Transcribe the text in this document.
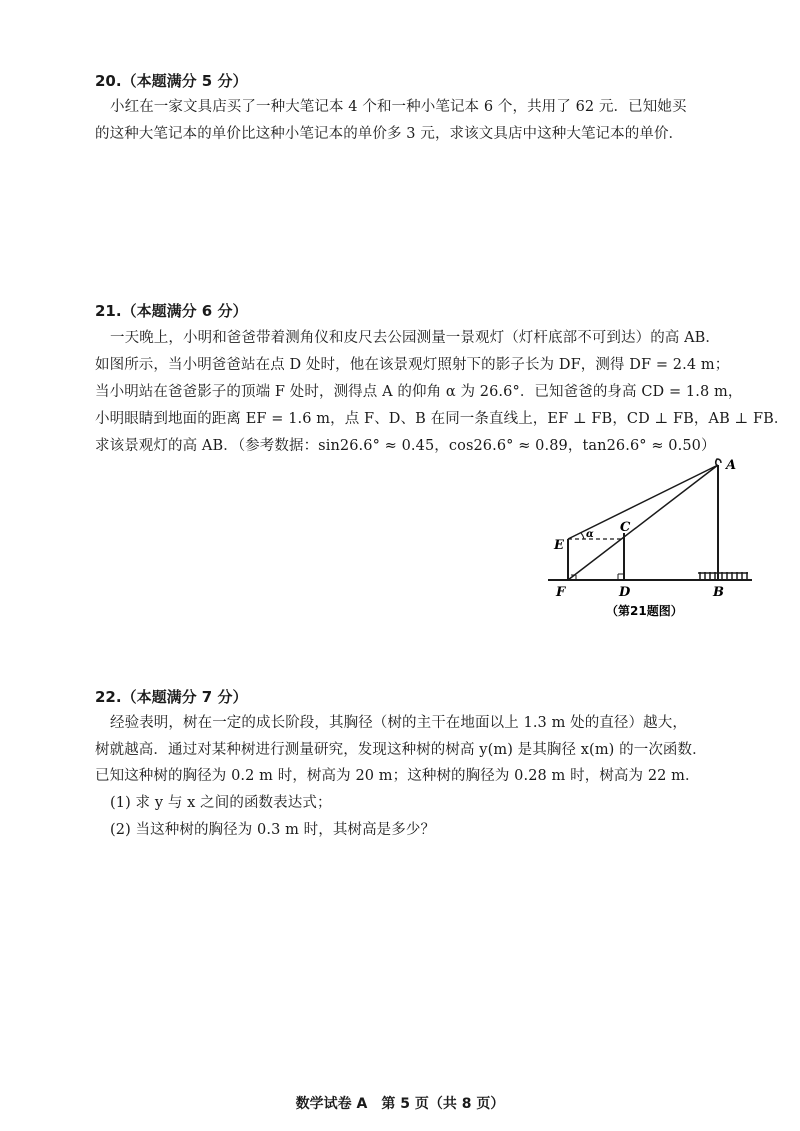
20.（本题满分 5 分）
小红在一家文具店买了一种大笔记本 4 个和一种小笔记本 6 个，共用了 62 元．已知她买
的这种大笔记本的单价比这种小笔记本的单价多 3 元，求该文具店中这种大笔记本的单价．
21.（本题满分 6 分）
一天晚上，小明和爸爸带着测角仪和皮尺去公园测量一景观灯（灯杆底部不可到达）的高 AB．
如图所示，当小明爸爸站在点 D 处时，他在该景观灯照射下的影子长为 DF，测得 DF = 2.4 m；
当小明站在爸爸影子的顶端 F 处时，测得点 A 的仰角 α 为 26.6°．已知爸爸的身高 CD = 1.8 m，
小明眼睛到地面的距离 EF = 1.6 m，点 F、D、B 在同一条直线上，EF ⊥ FB，CD ⊥ FB，AB ⊥ FB．
求该景观灯的高 AB．（参考数据：sin26.6° ≈ 0.45，cos26.6° ≈ 0.89，tan26.6° ≈ 0.50）
A
B
C
D
E
F
α
（第21题图）
22.（本题满分 7 分）
经验表明，树在一定的成长阶段，其胸径（树的主干在地面以上 1.3 m 处的直径）越大，
树就越高．通过对某种树进行测量研究，发现这种树的树高 y(m) 是其胸径 x(m) 的一次函数．
已知这种树的胸径为 0.2 m 时，树高为 20 m；这种树的胸径为 0.28 m 时，树高为 22 m．
(1) 求 y 与 x 之间的函数表达式；
(2) 当这种树的胸径为 0.3 m 时，其树高是多少？
数学试卷 A　第 5 页（共 8 页）
